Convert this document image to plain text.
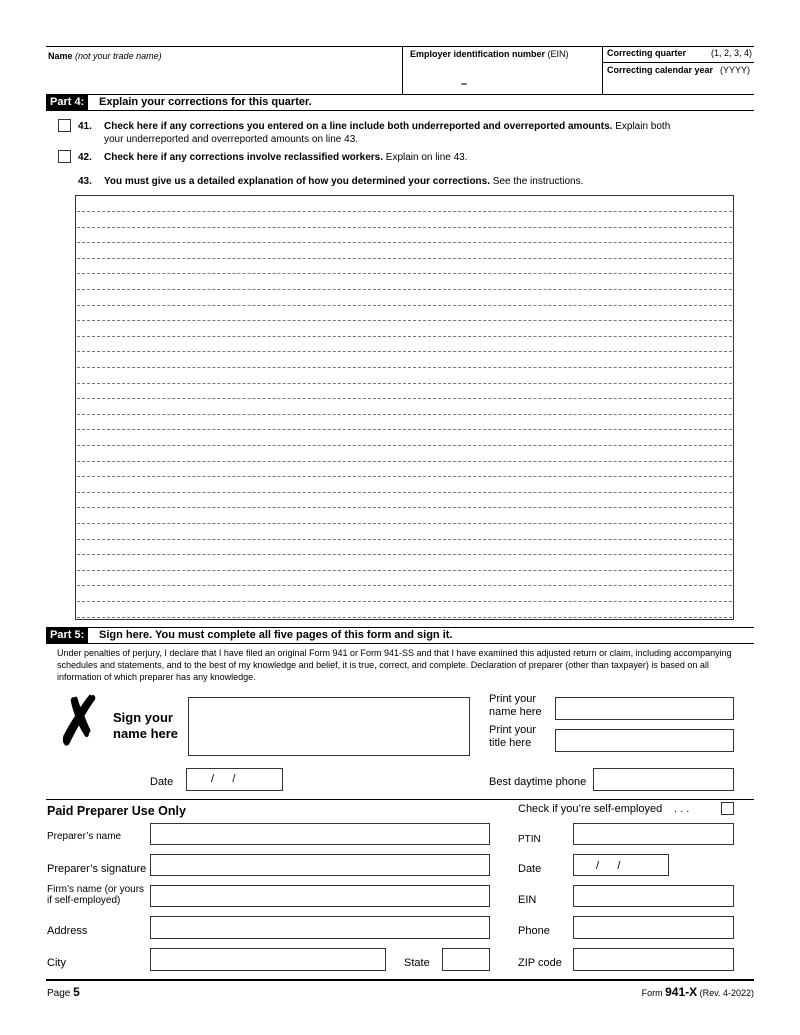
Name (not your trade name)	Employer identification number (EIN)
–
Correcting quarter	(1, 2, 3, 4)
Correcting calendar year (YYYY)
Part 4:	Explain your corrections for this quarter.
41. Check here if any corrections you entered on a line include both underreported and overreported amounts. Explain both
your underreported and overreported amounts on line 43.
42. Check here if any corrections involve reclassified workers. Explain on line 43.
43. You must give us a detailed explanation of how you determined your corrections. See the instructions.
Part 5:	Sign here. You must complete all five pages of this form and sign it.
Under penalties of perjury, I declare that I have filed an original Form 941 or Form 941-SS and that I have examined this adjusted return or claim, including accompanying schedules and statements, and to the best of my knowledge and belief, it is true, correct, and complete. Declaration of preparer (other than taxpayer) is based on all information of which preparer has any knowledge.
✗ Sign your
name here
Print your
name here
Print your
title here
Date	/      /	Best daytime phone
Paid Preparer Use Only	Check if you’re self-employed . . .
Preparer’s name	PTIN
Preparer’s signature	Date	/      /
Firm’s name (or yours
if self-employed)	EIN
Address	Phone
City	State	ZIP code
Page 5	Form 941-X (Rev. 4-2022)
